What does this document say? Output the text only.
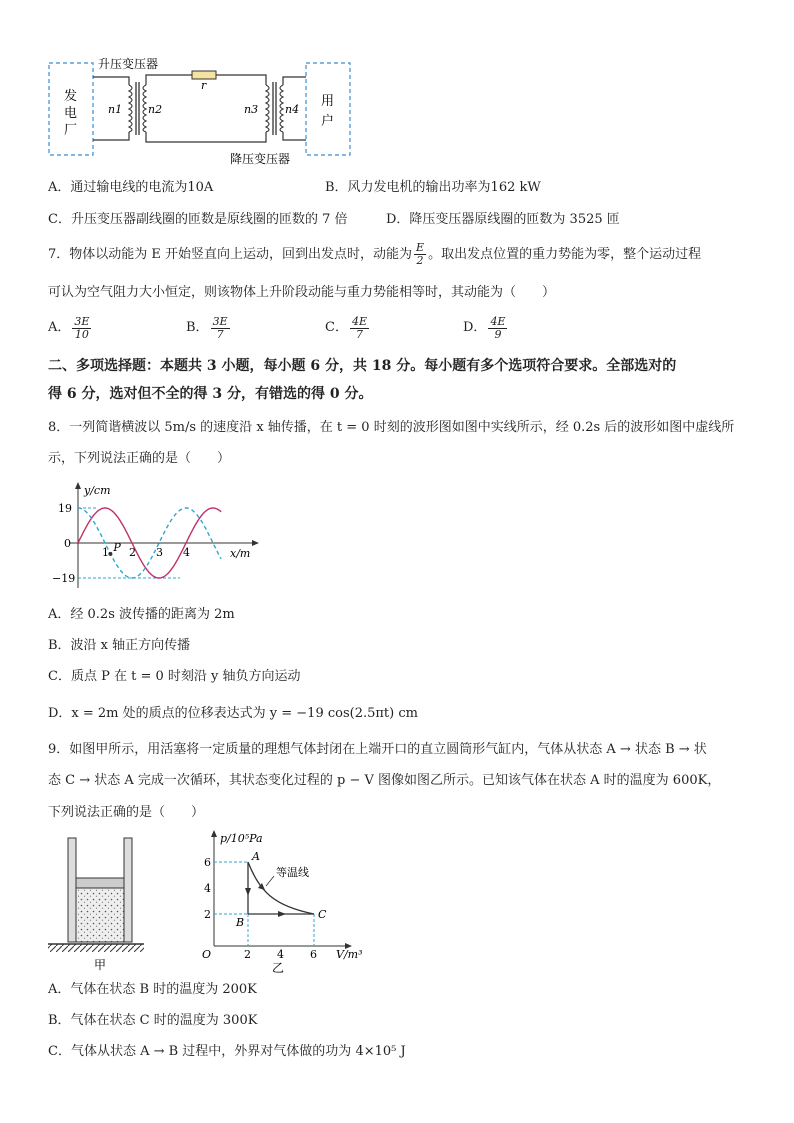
升压变压器
降压变压器
r
发
电
厂
用
户
n1 n2	n3 n4
A．通过输电线的电流为10A	B．风力发电机的输出功率为162 kW
C．升压变压器副线圈的匝数是原线圈的匝数的 7 倍	D．降压变压器原线圈的匝数为 3525 匝
7．物体以动能为 E 开始竖直向上运动，回到出发点时，动能为 $\frac{E}{2}$ 。取出发点位置的重力势能为零，整个运动过程
可认为空气阻力大小恒定，则该物体上升阶段动能与重力势能相等时，其动能为（　　）
A． $\frac{3E}{10}$	B． $\frac{3E}{7}$	C． $\frac{4E}{7}$	D． $\frac{4E}{9}$
二、多项选择题：本题共 3 小题，每小题 6 分，共 18 分。每小题有多个选项符合要求。全部选对的
得 6 分，选对但不全的得 3 分，有错选的得 0 分。
8．一列简谐横波以 5m/s 的速度沿 x 轴传播，在 t = 0 时刻的波形图如图中实线所示，经 0.2s 后的波形如图中虚线所
示，下列说法正确的是（　　）
y/cm
x/m
19
0
−19
1 2 3 4
P
A．经 0.2s 波传播的距离为 2m
B．波沿 x 轴正方向传播
C．质点 P 在 t = 0 时刻沿 y 轴负方向运动
D．x = 2m 处的质点的位移表达式为 y = −19 cos(2.5πt) cm
9．如图甲所示，用活塞将一定质量的理想气体封闭在上端开口的直立圆筒形气缸内，气体从状态 A → 状态 B → 状
态 C → 状态 A 完成一次循环，其状态变化过程的 p − V 图像如图乙所示。已知该气体在状态 A 时的温度为 600K，
下列说法正确的是（　　）
甲
p/10⁵Pa
V/m³
O
6
4
2
2 4 6
A
B
C
等温线
乙
A．气体在状态 B 时的温度为 200K
B．气体在状态 C 时的温度为 300K
C．气体从状态 A → B 过程中，外界对气体做的功为 4×10⁵ J
